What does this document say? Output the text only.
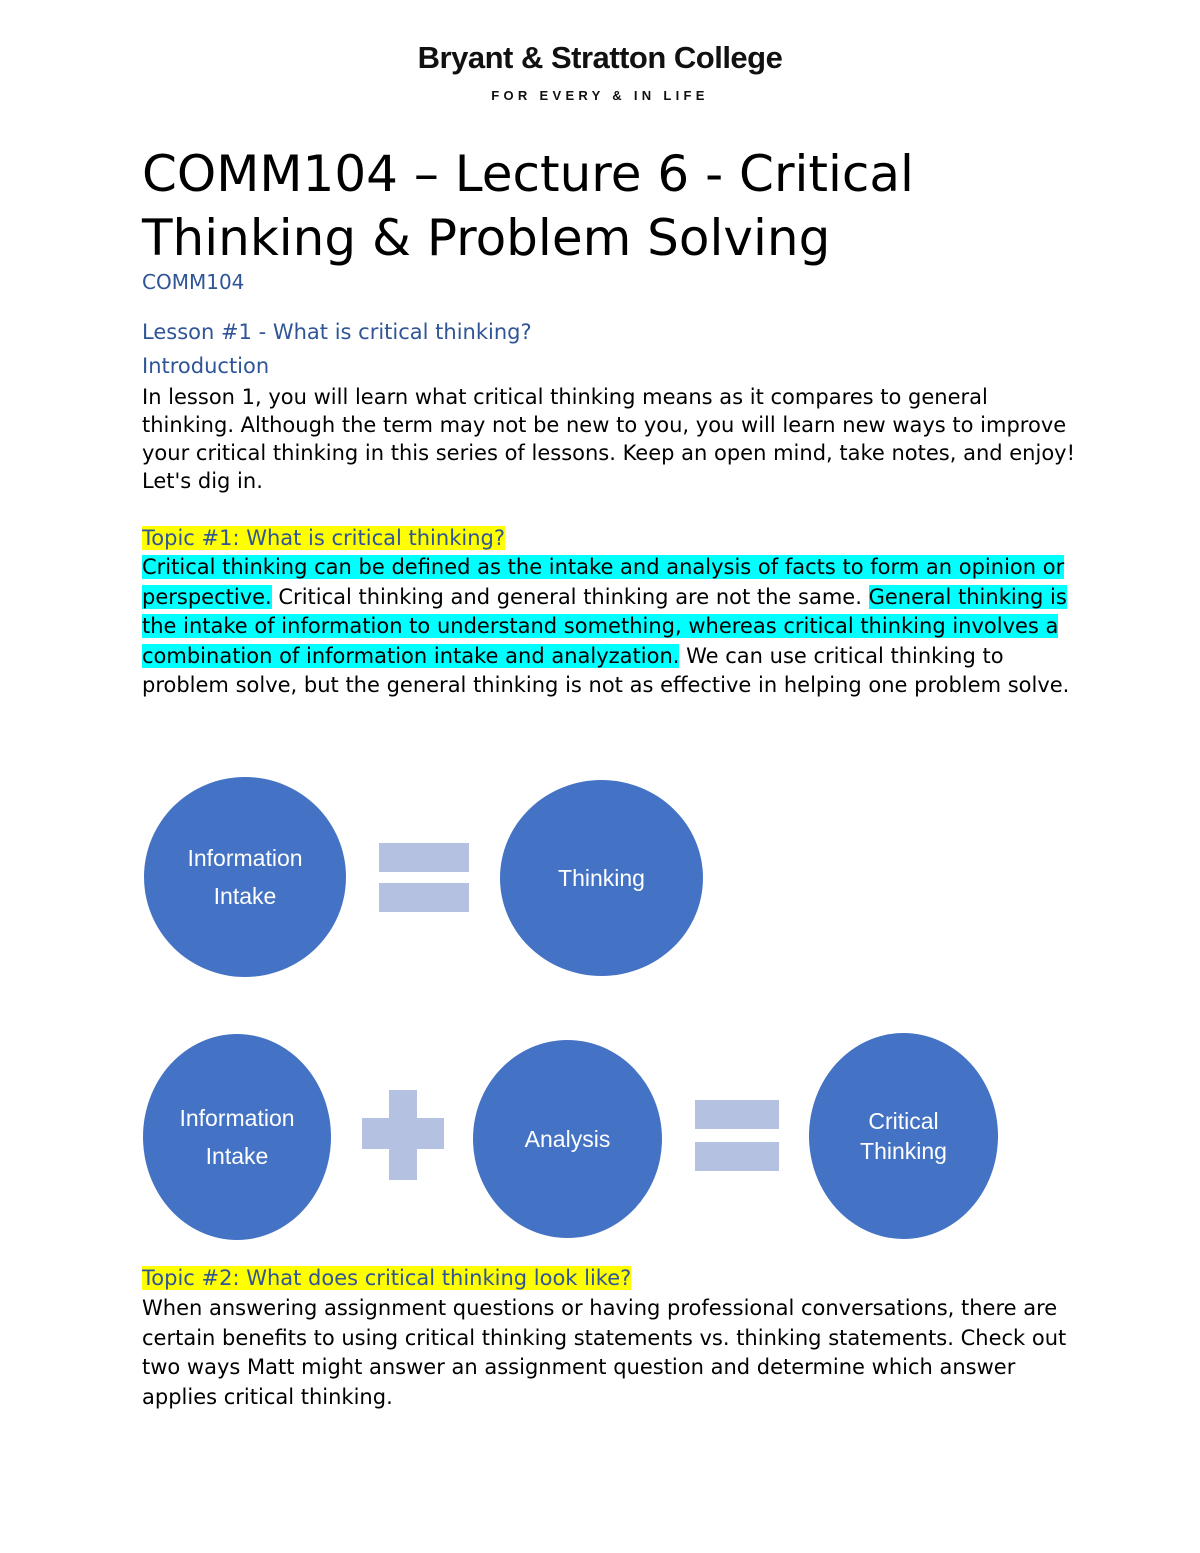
Bryant & Stratton College
FOR EVERY & IN LIFE
COMM104 – Lecture 6 - Critical
Thinking & Problem Solving
COMM104
Lesson #1 - What is critical thinking?
Introduction
In lesson 1, you will learn what critical thinking means as it compares to general thinking. Although the term may not be new to you, you will learn new ways to improve your critical thinking in this series of lessons. Keep an open mind, take notes, and enjoy! Let's dig in.
Topic #1: What is critical thinking?
Critical thinking can be defined as the intake and analysis of facts to form an opinion or perspective. Critical thinking and general thinking are not the same. General thinking is the intake of information to understand something, whereas critical thinking involves a combination of information intake and analyzation. We can use critical thinking to problem solve, but the general thinking is not as effective in helping one problem solve.
Information
Intake
Thinking
Information
Intake
Analysis
Critical
Thinking
Topic #2: What does critical thinking look like?
When answering assignment questions or having professional conversations, there are certain benefits to using critical thinking statements vs. thinking statements. Check out two ways Matt might answer an assignment question and determine which answer applies critical thinking.
